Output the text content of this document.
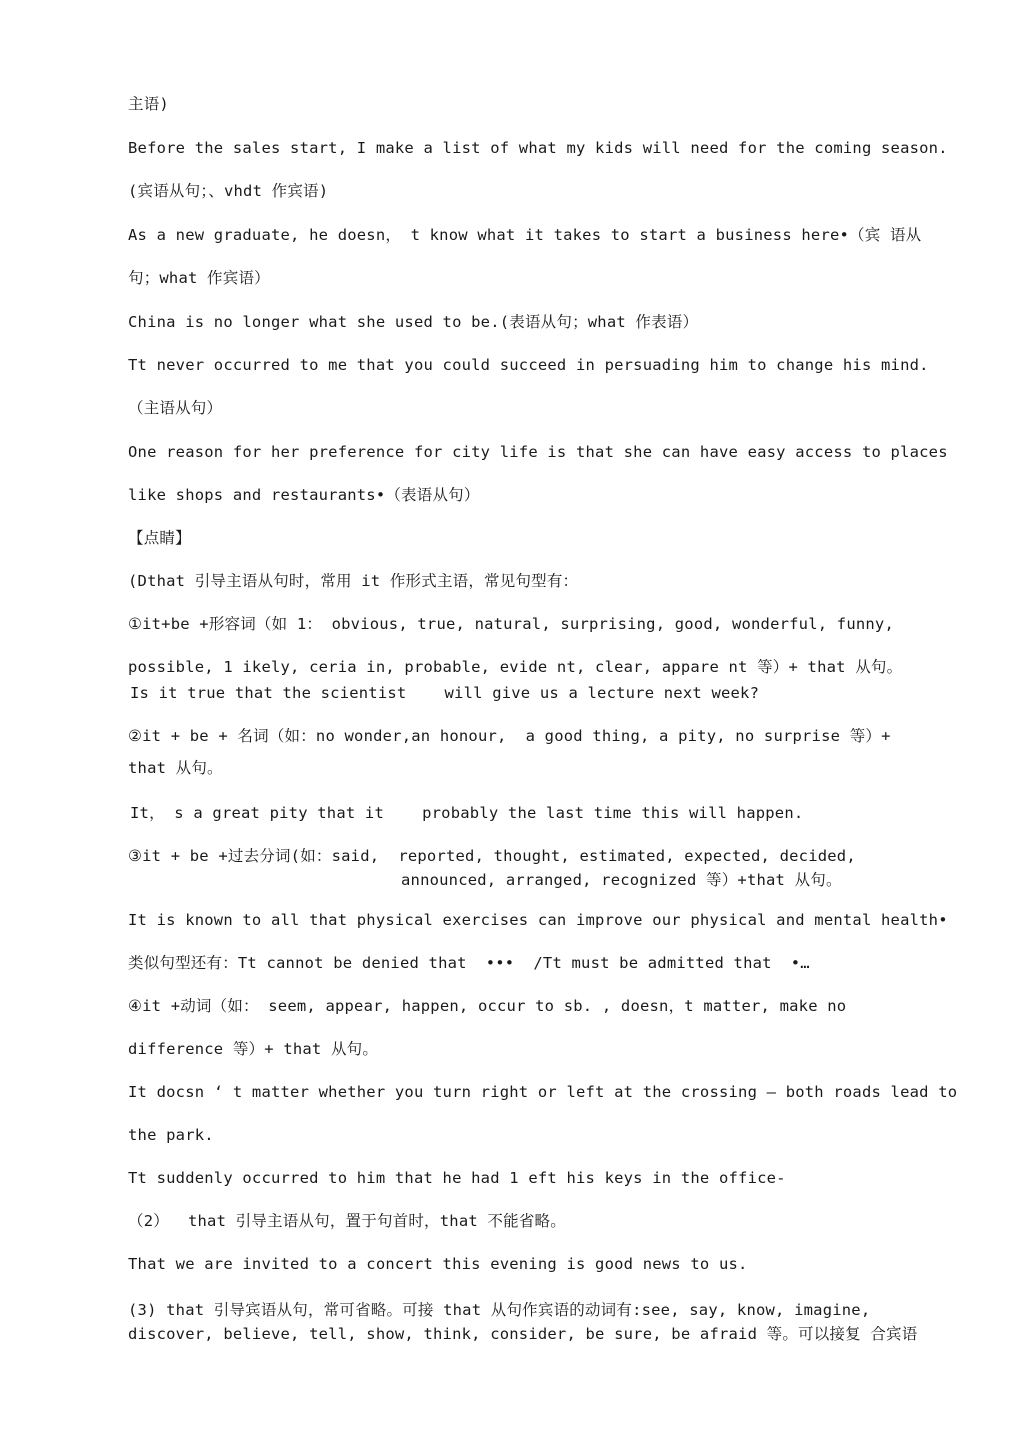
主语)
Before the sales start, I make a list of what my kids will need for the coming season.
(宾语从句；、vhdt 作宾语)
As a new graduate, he doesn， t know what it takes to start a business here•（宾 语从
句；what 作宾语）
China is no longer what she used to be.(表语从句；what 作表语）
Tt never occurred to me that you could succeed in persuading him to change his mind.
（主语从句）
One reason for her preference for city life is that she can have easy access to places
like shops and restaurants•（表语从句）
【点睛】
(Dthat 引导主语从句时，常用 it 作形式主语，常见句型有：
①it+be +形容词（如 1： obvious, true, natural, surprising, good, wonderful, funny,
possible, 1 ikely, ceria in, probable, evide nt, clear, appare nt 等）+ that 从句。
Is it true that the scientist    will give us a lecture next week?
②it + be + 名词（如：no wonder,an honour,  a good thing, a pity, no surprise 等）+
that 从句。
It， s a great pity that it    probably the last time this will happen.
③it + be +过去分词(如：said,  reported, thought, estimated, expected, decided,
announced, arranged, recognized 等）+that 从句。
It is known to all that physical exercises can improve our physical and mental health•
类似句型还有：Tt cannot be denied that  •••  /Tt must be admitted that  •…
④it +动词（如： seem, appear, happen, occur to sb. , doesn，t matter, make no
difference 等）+ that 从句。
It docsn ‘ t matter whether you turn right or left at the crossing — both roads lead to
the park.
Tt suddenly occurred to him that he had 1 eft his keys in the office-
（2）  that 引导主语从句，置于句首时，that 不能省略。
That we are invited to a concert this evening is good news to us.
(3) that 引导宾语从句，常可省略。可接 that 从句作宾语的动词有:see, say, know, imagine,
discover, believe, tell, show, think, consider, be sure, be afraid 等。可以接复 合宾语
